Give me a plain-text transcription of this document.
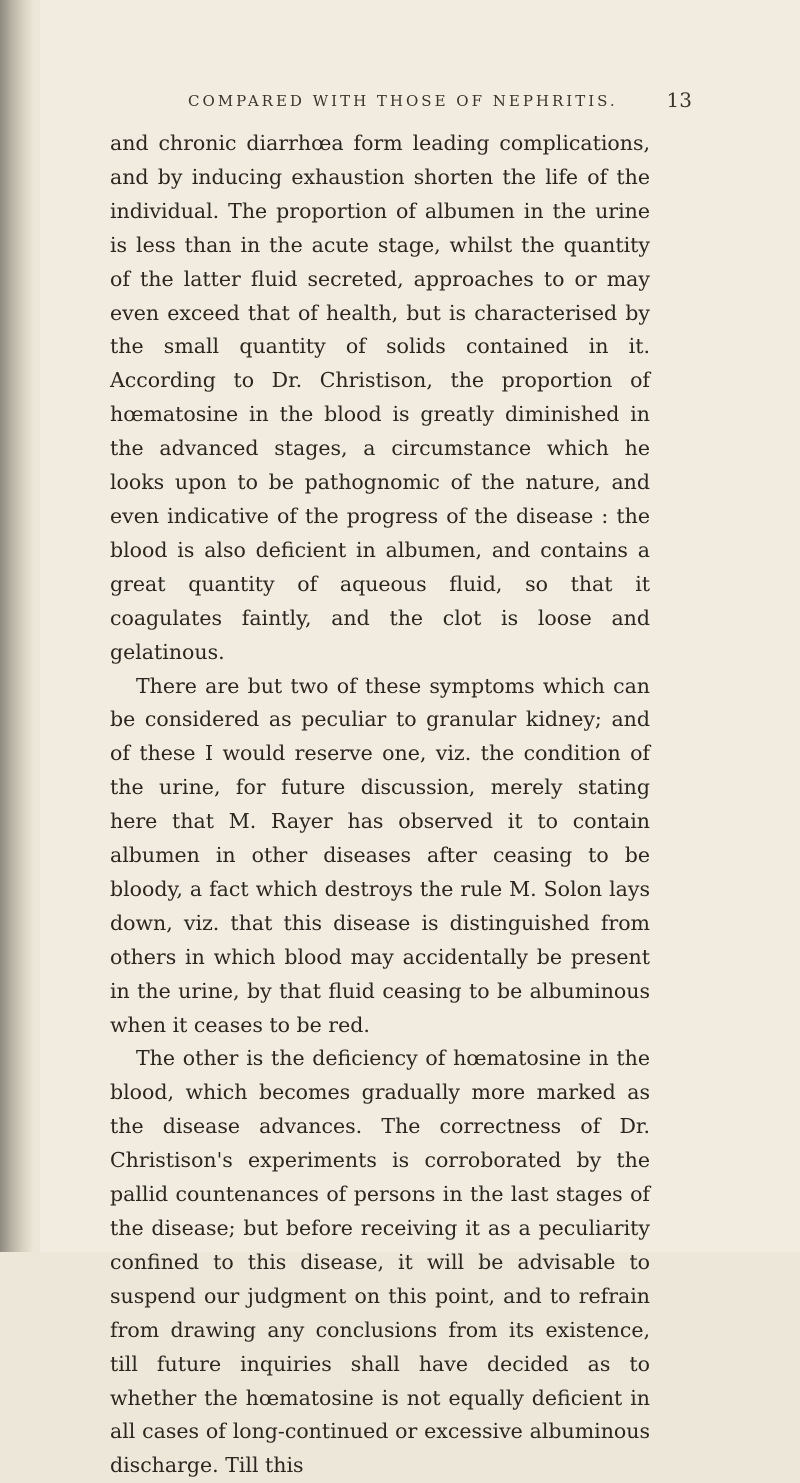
COMPARED WITH THOSE OF NEPHRITIS. 13

and chronic diarrhœa form leading complications, and by inducing exhaustion shorten the life of the individual. The proportion of albumen in the urine is less than in the acute stage, whilst the quantity of the latter fluid secreted, approaches to or may even exceed that of health, but is characterised by the small quantity of solids contained in it. According to Dr. Christison, the proportion of hœmatosine in the blood is greatly diminished in the advanced stages, a circumstance which he looks upon to be pathognomic of the nature, and even indicative of the progress of the disease : the blood is also deficient in albumen, and contains a great quantity of aqueous fluid, so that it coagulates faintly, and the clot is loose and gelatinous.

There are but two of these symptoms which can be considered as peculiar to granular kidney; and of these I would reserve one, viz. the condition of the urine, for future discussion, merely stating here that M. Rayer has observed it to contain albumen in other diseases after ceasing to be bloody, a fact which destroys the rule M. Solon lays down, viz. that this disease is distinguished from others in which blood may accidentally be present in the urine, by that fluid ceasing to be albuminous when it ceases to be red.

The other is the deficiency of hœmatosine in the blood, which becomes gradually more marked as the disease advances. The correctness of Dr. Christison's experiments is corroborated by the pallid countenances of persons in the last stages of the disease; but before receiving it as a peculiarity confined to this disease, it will be advisable to suspend our judgment on this point, and to refrain from drawing any conclusions from its existence, till future inquiries shall have decided as to whether the hœmatosine is not equally deficient in all cases of long-continued or excessive albuminous discharge. Till this
